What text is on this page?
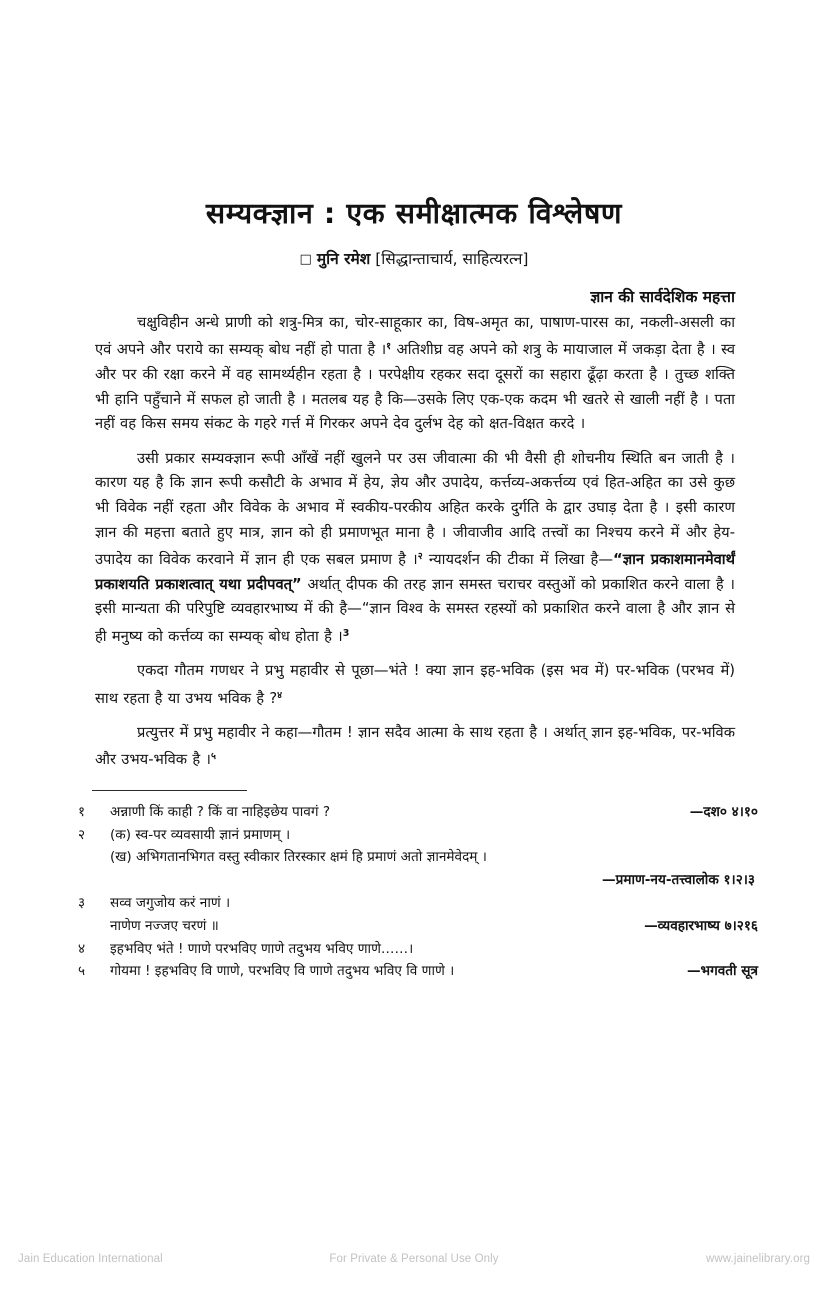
सम्यक्ज्ञान : एक समीक्षात्मक विश्लेषण
□ मुनि रमेश [सिद्धान्ताचार्य, साहित्यरत्न]
ज्ञान की सार्वदेशिक महत्ता

चक्षुविहीन अन्धे प्राणी को शत्रु-मित्र का, चोर-साहूकार का, विष-अमृत का, पाषाण-पारस का, नकली-असली का एवं अपने और पराये का सम्यक् बोध नहीं हो पाता है ।$^१$ अतिशीघ्र वह अपने को शत्रु के मायाजाल में जकड़ा देता है । स्व और पर की रक्षा करने में वह सामर्थ्यहीन रहता है । परपेक्षीय रहकर सदा दूसरों का सहारा ढूँढ़ा करता है । तुच्छ शक्ति भी हानि पहुँचाने में सफल हो जाती है । मतलब यह है कि—उसके लिए एक-एक कदम भी खतरे से खाली नहीं है । पता नहीं वह किस समय संकट के गहरे गर्त्त में गिरकर अपने देव दुर्लभ देह को क्षत-विक्षत करदे ।

उसी प्रकार सम्यक्ज्ञान रूपी आँखें नहीं खुलने पर उस जीवात्मा की भी वैसी ही शोचनीय स्थिति बन जाती है । कारण यह है कि ज्ञान रूपी कसौटी के अभाव में हेय, ज्ञेय और उपादेय, कर्त्तव्य-अकर्त्तव्य एवं हित-अहित का उसे कुछ भी विवेक नहीं रहता और विवेक के अभाव में स्वकीय-परकीय अहित करके दुर्गति के द्वार उघाड़ देता है । इसी कारण ज्ञान की महत्ता बताते हुए मात्र, ज्ञान को ही प्रमाणभूत माना है । जीवाजीव आदि तत्त्वों का निश्चय करने में और हेय-उपादेय का विवेक करवाने में ज्ञान ही एक सबल प्रमाण है ।$^२$ न्यायदर्शन की टीका में लिखा है—“ज्ञान प्रकाशमानमेवार्थं प्रकाशयति प्रकाशत्वात् यथा प्रदीपवत्” अर्थात् दीपक की तरह ज्ञान समस्त चराचर वस्तुओं को प्रकाशित करने वाला है । इसी मान्यता की परिपुष्टि व्यवहारभाष्य में की है—“ज्ञान विश्व के समस्त रहस्यों को प्रकाशित करने वाला है और ज्ञान से ही मनुष्य को कर्त्तव्य का सम्यक् बोध होता है ।$^3$

एकदा गौतम गणधर ने प्रभु महावीर से पूछा—भंते ! क्या ज्ञान इह-भविक (इस भव में) पर-भविक (परभव में) साथ रहता है या उभय भविक है ?$^४$

प्रत्युत्तर में प्रभु महावीर ने कहा—गौतम ! ज्ञान सदैव आत्मा के साथ रहता है । अर्थात् ज्ञान इह-भविक, पर-भविक और उभय-भविक है ।$^५$

१	अन्नाणी किं काही ? किं वा नाहिइछेय पावगं ?	—दश० ४।१०
२	(क) स्व-पर व्यवसायी ज्ञानं प्रमाणम् ।
(ख) अभिगतानभिगत वस्तु स्वीकार तिरस्कार क्षमं हि प्रमाणं अतो ज्ञानमेवेदम् ।
—प्रमाण-नय-तत्त्वालोक १।२।३
३	सव्व जगुजोय करं नाणं ।
नाणेण नज्जए चरणं ॥	—व्यवहारभाष्य ७।२१६
४	इहभविए भंते ! णाणे परभविए णाणे तदुभय भविए णाणे……।
५	गोयमा ! इहभविए वि णाणे, परभविए वि णाणे तदुभय भविए वि णाणे ।	—भगवती सूत्र
Jain Education International	For Private & Personal Use Only	www.jainelibrary.org
